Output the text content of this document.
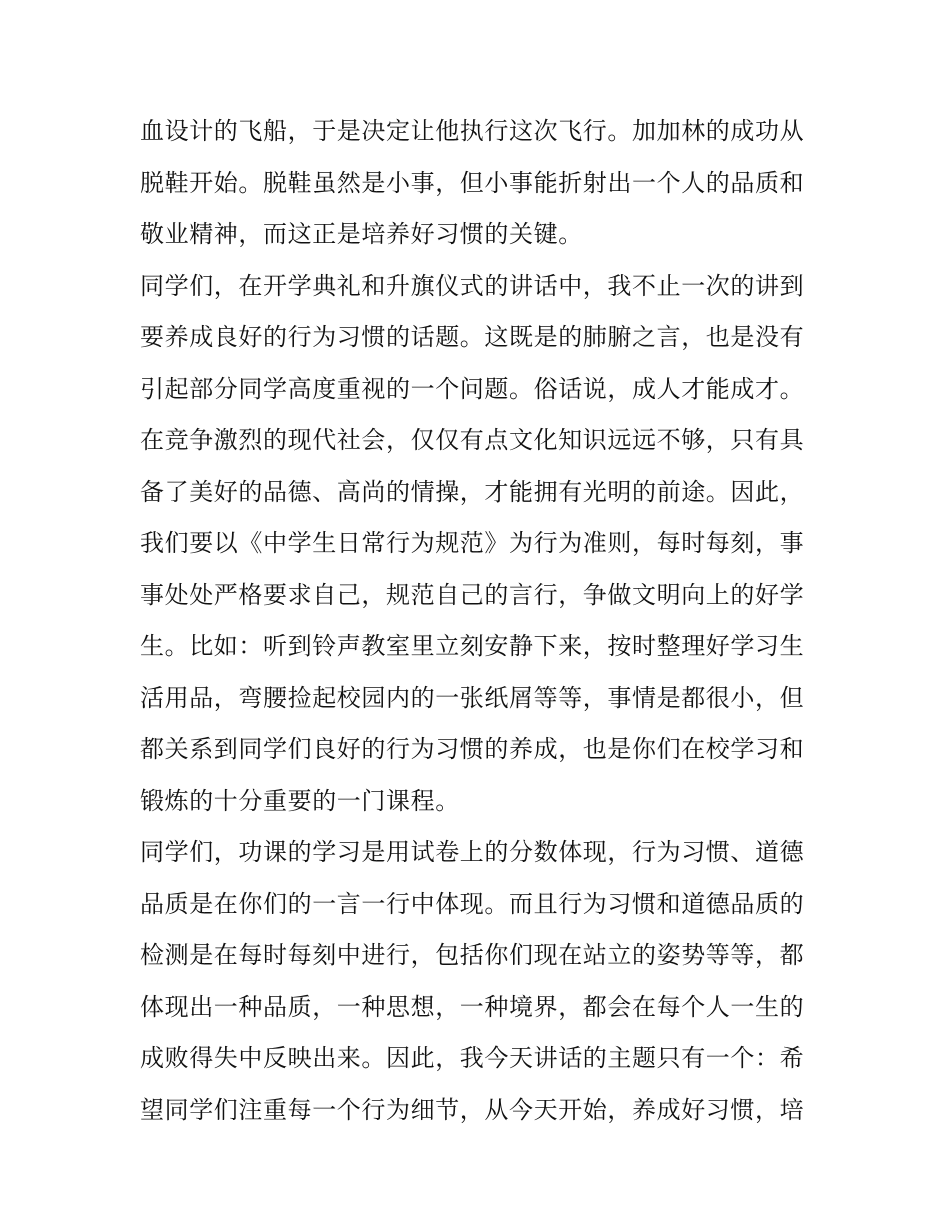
血设计的飞船，于是决定让他执行这次飞行。加加林的成功从
脱鞋开始。脱鞋虽然是小事，但小事能折射出一个人的品质和
敬业精神，而这正是培养好习惯的关键。
同学们，在开学典礼和升旗仪式的讲话中，我不止一次的讲到
要养成良好的行为习惯的话题。这既是的肺腑之言，也是没有
引起部分同学高度重视的一个问题。俗话说，成人才能成才。
在竞争激烈的现代社会，仅仅有点文化知识远远不够，只有具
备了美好的品德、高尚的情操，才能拥有光明的前途。因此，
我们要以《中学生日常行为规范》为行为准则，每时每刻，事
事处处严格要求自己，规范自己的言行，争做文明向上的好学
生。比如：听到铃声教室里立刻安静下来，按时整理好学习生
活用品，弯腰捡起校园内的一张纸屑等等，事情是都很小，但
都关系到同学们良好的行为习惯的养成，也是你们在校学习和
锻炼的十分重要的一门课程。
同学们，功课的学习是用试卷上的分数体现，行为习惯、道德
品质是在你们的一言一行中体现。而且行为习惯和道德品质的
检测是在每时每刻中进行，包括你们现在站立的姿势等等，都
体现出一种品质，一种思想，一种境界，都会在每个人一生的
成败得失中反映出来。因此，我今天讲话的主题只有一个：希
望同学们注重每一个行为细节，从今天开始，养成好习惯，培
